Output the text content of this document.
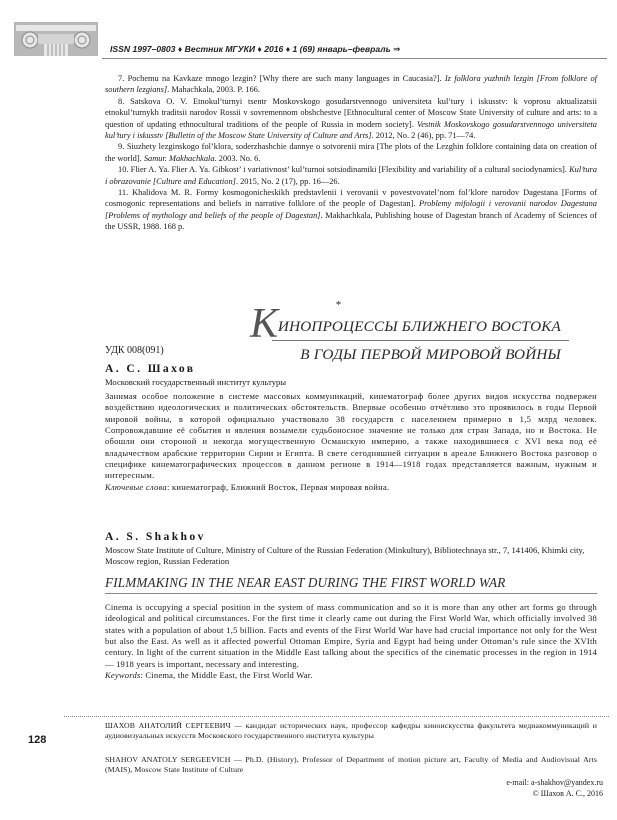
ISSN 1997–0803 ♦ Вестник МГУКИ ♦ 2016 ♦ 1 (69) январь–февраль ⇒

7. Pochemu na Kavkaze mnogo lezgin? [Why there are such many languages in Caucasia?]. Iz folklora yuzhnih lezgin [From folklore of southern lezgians]. Mahachkala, 2003. P. 166.

8. Satskova O. V. Etnokul’turnyi tsentr Moskovskogo gosudarstvennogo universiteta kul’tury i iskusstv: k voprosu aktualizatsii etnokul’turnykh traditsii narodov Rossii v sovremennom obshchestve [Ethnocultural center of Moscow State University of culture and arts: to a question of updating ethnocultural traditions of the people of Russia in modern society]. Vestnik Moskovskogo gosudarstvennogo universiteta kul’tury i iskusstv [Bulletin of the Moscow State University of Culture and Arts]. 2012, No. 2 (46), pp. 71—74.

9. Siuzhety lezginskogo fol’klora, soderzhashchie dannye o sotvorenii mira [The plots of the Lezghin folklore containing data on creation of the world]. Samur. Makhachkala. 2003. No. 6.

10. Flier A. Ya. Flier A. Ya. Gibkost’ i variativnost’ kul’turnoi sotsiodinamiki [Flexibility and variability of a cultural sociodynamics]. Kul’tura i obrazovanie [Culture and Education]. 2015, No. 2 (17), pp. 16—26.

11. Khalidova M. R. Formy kosmogonicheskikh predstavlenii i verovanii v povestvovatel’nom fol’klore narodov Dagestana [Forms of cosmogonic representations and beliefs in narrative folklore of the people of Dagestan]. Problemy mifologii i verovanii narodov Dagestana [Problems of mythology and beliefs of the people of Dagestan]. Makhachkala, Publishing house of Dagestan branch of Academy of Sciences of the USSR, 1988. 168 p.

*
КИНОПРОЦЕССЫ БЛИЖНЕГО ВОСТОКА
В ГОДЫ ПЕРВОЙ МИРОВОЙ ВОЙНЫ
УДК 008(091)
А. С. Шахов
Московский государственный институт культуры

Занимая особое положение в системе массовых коммуникаций, кинематограф более других видов искусства подвержен воздействию идеологических и политических обстоятельств. Впервые особенно отчётливо это проявилось в годы Первой мировой войны, в которой официально участвовало 38 государств с населением примерно в 1,5 млрд человек. Сопровождавшие её события и явления возымели судьбоносное значение не только для стран Запада, но и Востока. Не обошли они стороной и некогда могущественную Османскую империю, а также находившиеся с XVI века под её владычеством арабские территории Сирии и Египта. В свете сегодняшней ситуации в ареале Ближнего Востока разговор о специфике кинематографических процессов в данном регионе в 1914—1918 годах представляется важным, нужным и интересным.

Ключевые слова: кинематограф, Ближний Восток, Первая мировая война.

A. S. Shakhov
Moscow State Institute of Culture, Ministry of Culture of the Russian Federation (Minkultury), Bibliotechnaya str., 7, 141406, Khimki city, Moscow region, Russian Federation
FILMMAKING IN THE NEAR EAST DURING THE FIRST WORLD WAR

Cinema is occupying a special position in the system of mass communication and so it is more than any other art forms go through ideological and political circumstances. For the first time it clearly came out during the First World War, which officially involved 38 states with a population of about 1,5 billion. Facts and events of the First World War have had crucial importance not only for the West but also the East. As well as it affected powerful Ottoman Empire, Syria and Egypt had being under Ottoman’s rule since the XVIth century. In light of the current situation in the Middle East talking about the specifics of the cinematic processes in the region in 1914 — 1918 years is important, necessary and interesting.

Keywords: Cinema, the Middle East, the First World War.

128
ШАХОВ АНАТОЛИЙ СЕРГЕЕВИЧ — кандидат исторических наук, профессор кафедры киноискусства факультета медиакоммуникаций и аудиовизуальных искусств Московского государственного института культуры
SHAHOV ANATOLY SERGEEVICH — Ph.D. (History), Professor of Department of motion picture art, Faculty of Media and Audiovisual Arts (MAIS), Moscow State Institute of Culture
e-mail: a-shakhov@yandex.ru
© Шахов А. С., 2016
